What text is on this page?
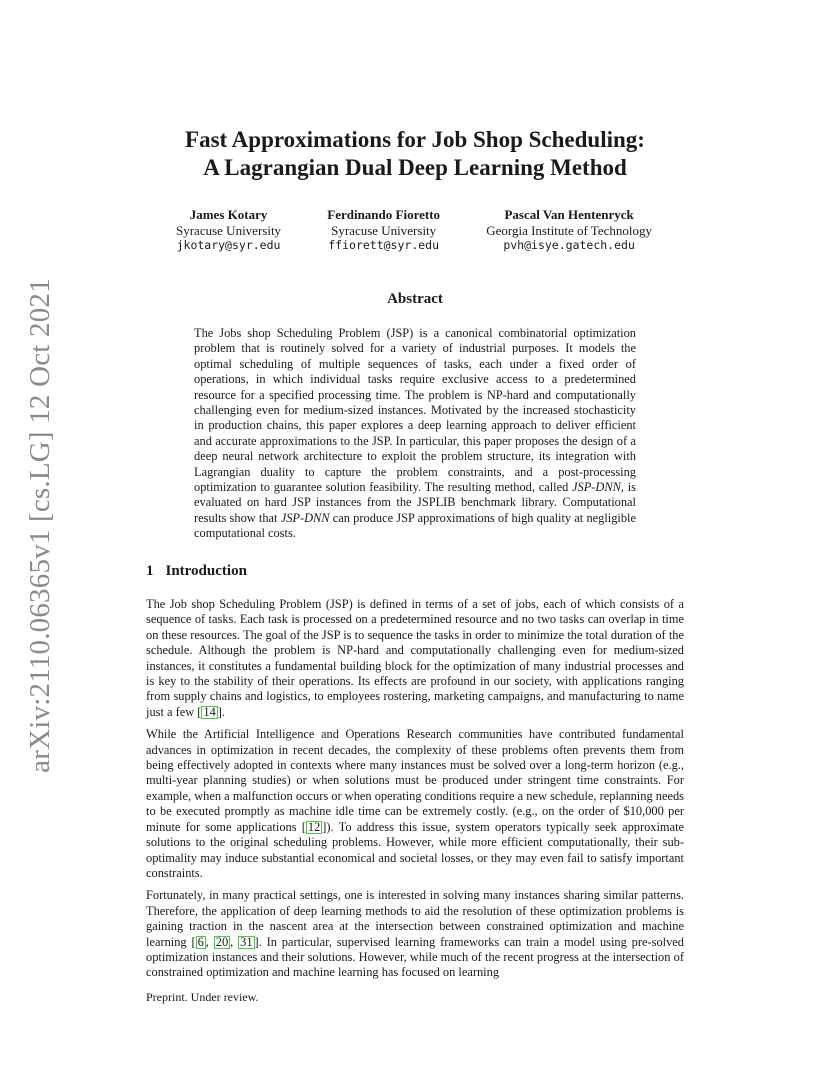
arXiv:2110.06365v1 [cs.LG] 12 Oct 2021
Fast Approximations for Job Shop Scheduling:
A Lagrangian Dual Deep Learning Method
James Kotary
Syracuse University
jkotary@syr.edu
Ferdinando Fioretto
Syracuse University
ffiorett@syr.edu
Pascal Van Hentenryck
Georgia Institute of Technology
pvh@isye.gatech.edu
Abstract
The Jobs shop Scheduling Problem (JSP) is a canonical combinatorial optimization problem that is routinely solved for a variety of industrial purposes. It models the optimal scheduling of multiple sequences of tasks, each under a fixed order of operations, in which individual tasks require exclusive access to a predetermined resource for a specified processing time. The problem is NP-hard and computationally challenging even for medium-sized instances. Motivated by the increased stochasticity in production chains, this paper explores a deep learning approach to deliver efficient and accurate approximations to the JSP. In particular, this paper proposes the design of a deep neural network architecture to exploit the problem structure, its integration with Lagrangian duality to capture the problem constraints, and a post-processing optimization to guarantee solution feasibility. The resulting method, called JSP-DNN, is evaluated on hard JSP instances from the JSPLIB benchmark library. Computational results show that JSP-DNN can produce JSP approximations of high quality at negligible computational costs.
1 Introduction

The Job shop Scheduling Problem (JSP) is defined in terms of a set of jobs, each of which consists of a sequence of tasks. Each task is processed on a predetermined resource and no two tasks can overlap in time on these resources. The goal of the JSP is to sequence the tasks in order to minimize the total duration of the schedule. Although the problem is NP-hard and computationally challenging even for medium-sized instances, it constitutes a fundamental building block for the optimization of many industrial processes and is key to the stability of their operations. Its effects are profound in our society, with applications ranging from supply chains and logistics, to employees rostering, marketing campaigns, and manufacturing to name just a few [ 14 ].

While the Artificial Intelligence and Operations Research communities have contributed fundamental advances in optimization in recent decades, the complexity of these problems often prevents them from being effectively adopted in contexts where many instances must be solved over a long-term horizon (e.g., multi-year planning studies) or when solutions must be produced under stringent time constraints. For example, when a malfunction occurs or when operating conditions require a new schedule, replanning needs to be executed promptly as machine idle time can be extremely costly. (e.g., on the order of $10,000 per minute for some applications [ 12 ]). To address this issue, system operators typically seek approximate solutions to the original scheduling problems. However, while more efficient computationally, their sub-optimality may induce substantial economical and societal losses, or they may even fail to satisfy important constraints.

Fortunately, in many practical settings, one is interested in solving many instances sharing similar patterns. Therefore, the application of deep learning methods to aid the resolution of these optimization problems is gaining traction in the nascent area at the intersection between constrained optimization and machine learning [ 6 , 20 , 31 ]. In particular, supervised learning frameworks can train a model using pre-solved optimization instances and their solutions. However, while much of the recent progress at the intersection of constrained optimization and machine learning has focused on learning

Preprint. Under review.
